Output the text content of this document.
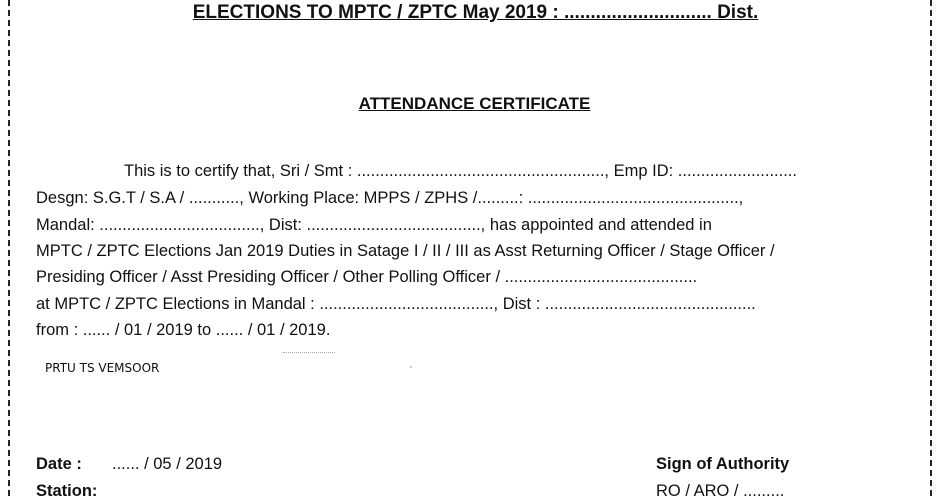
ELECTIONS TO MPTC / ZPTC May 2019 : ............................ Dist.
ATTENDANCE CERTIFICATE
This is to certify that, Sri / Smt : ......................................................, Emp ID: ..........................
Desgn: S.G.T / S.A / ..........., Working Place: MPPS / ZPHS /.........: ..............................................,
Mandal: ..................................., Dist: ......................................, has appointed and attended in
MPTC / ZPTC Elections Jan 2019 Duties in Satage I / II / III as Asst Returning Officer / Stage Officer /
Presiding Officer / Asst Presiding Officer / Other Polling Officer / ..........................................
at MPTC / ZPTC Elections in Mandal : ......................................, Dist : ..............................................
from : ...... / 01 / 2019 to ...... / 01 / 2019.
PRTU TS VEMSOOR
Date : ...... / 05 / 2019
Station:
Sign of Authority
RO / ARO / .........
